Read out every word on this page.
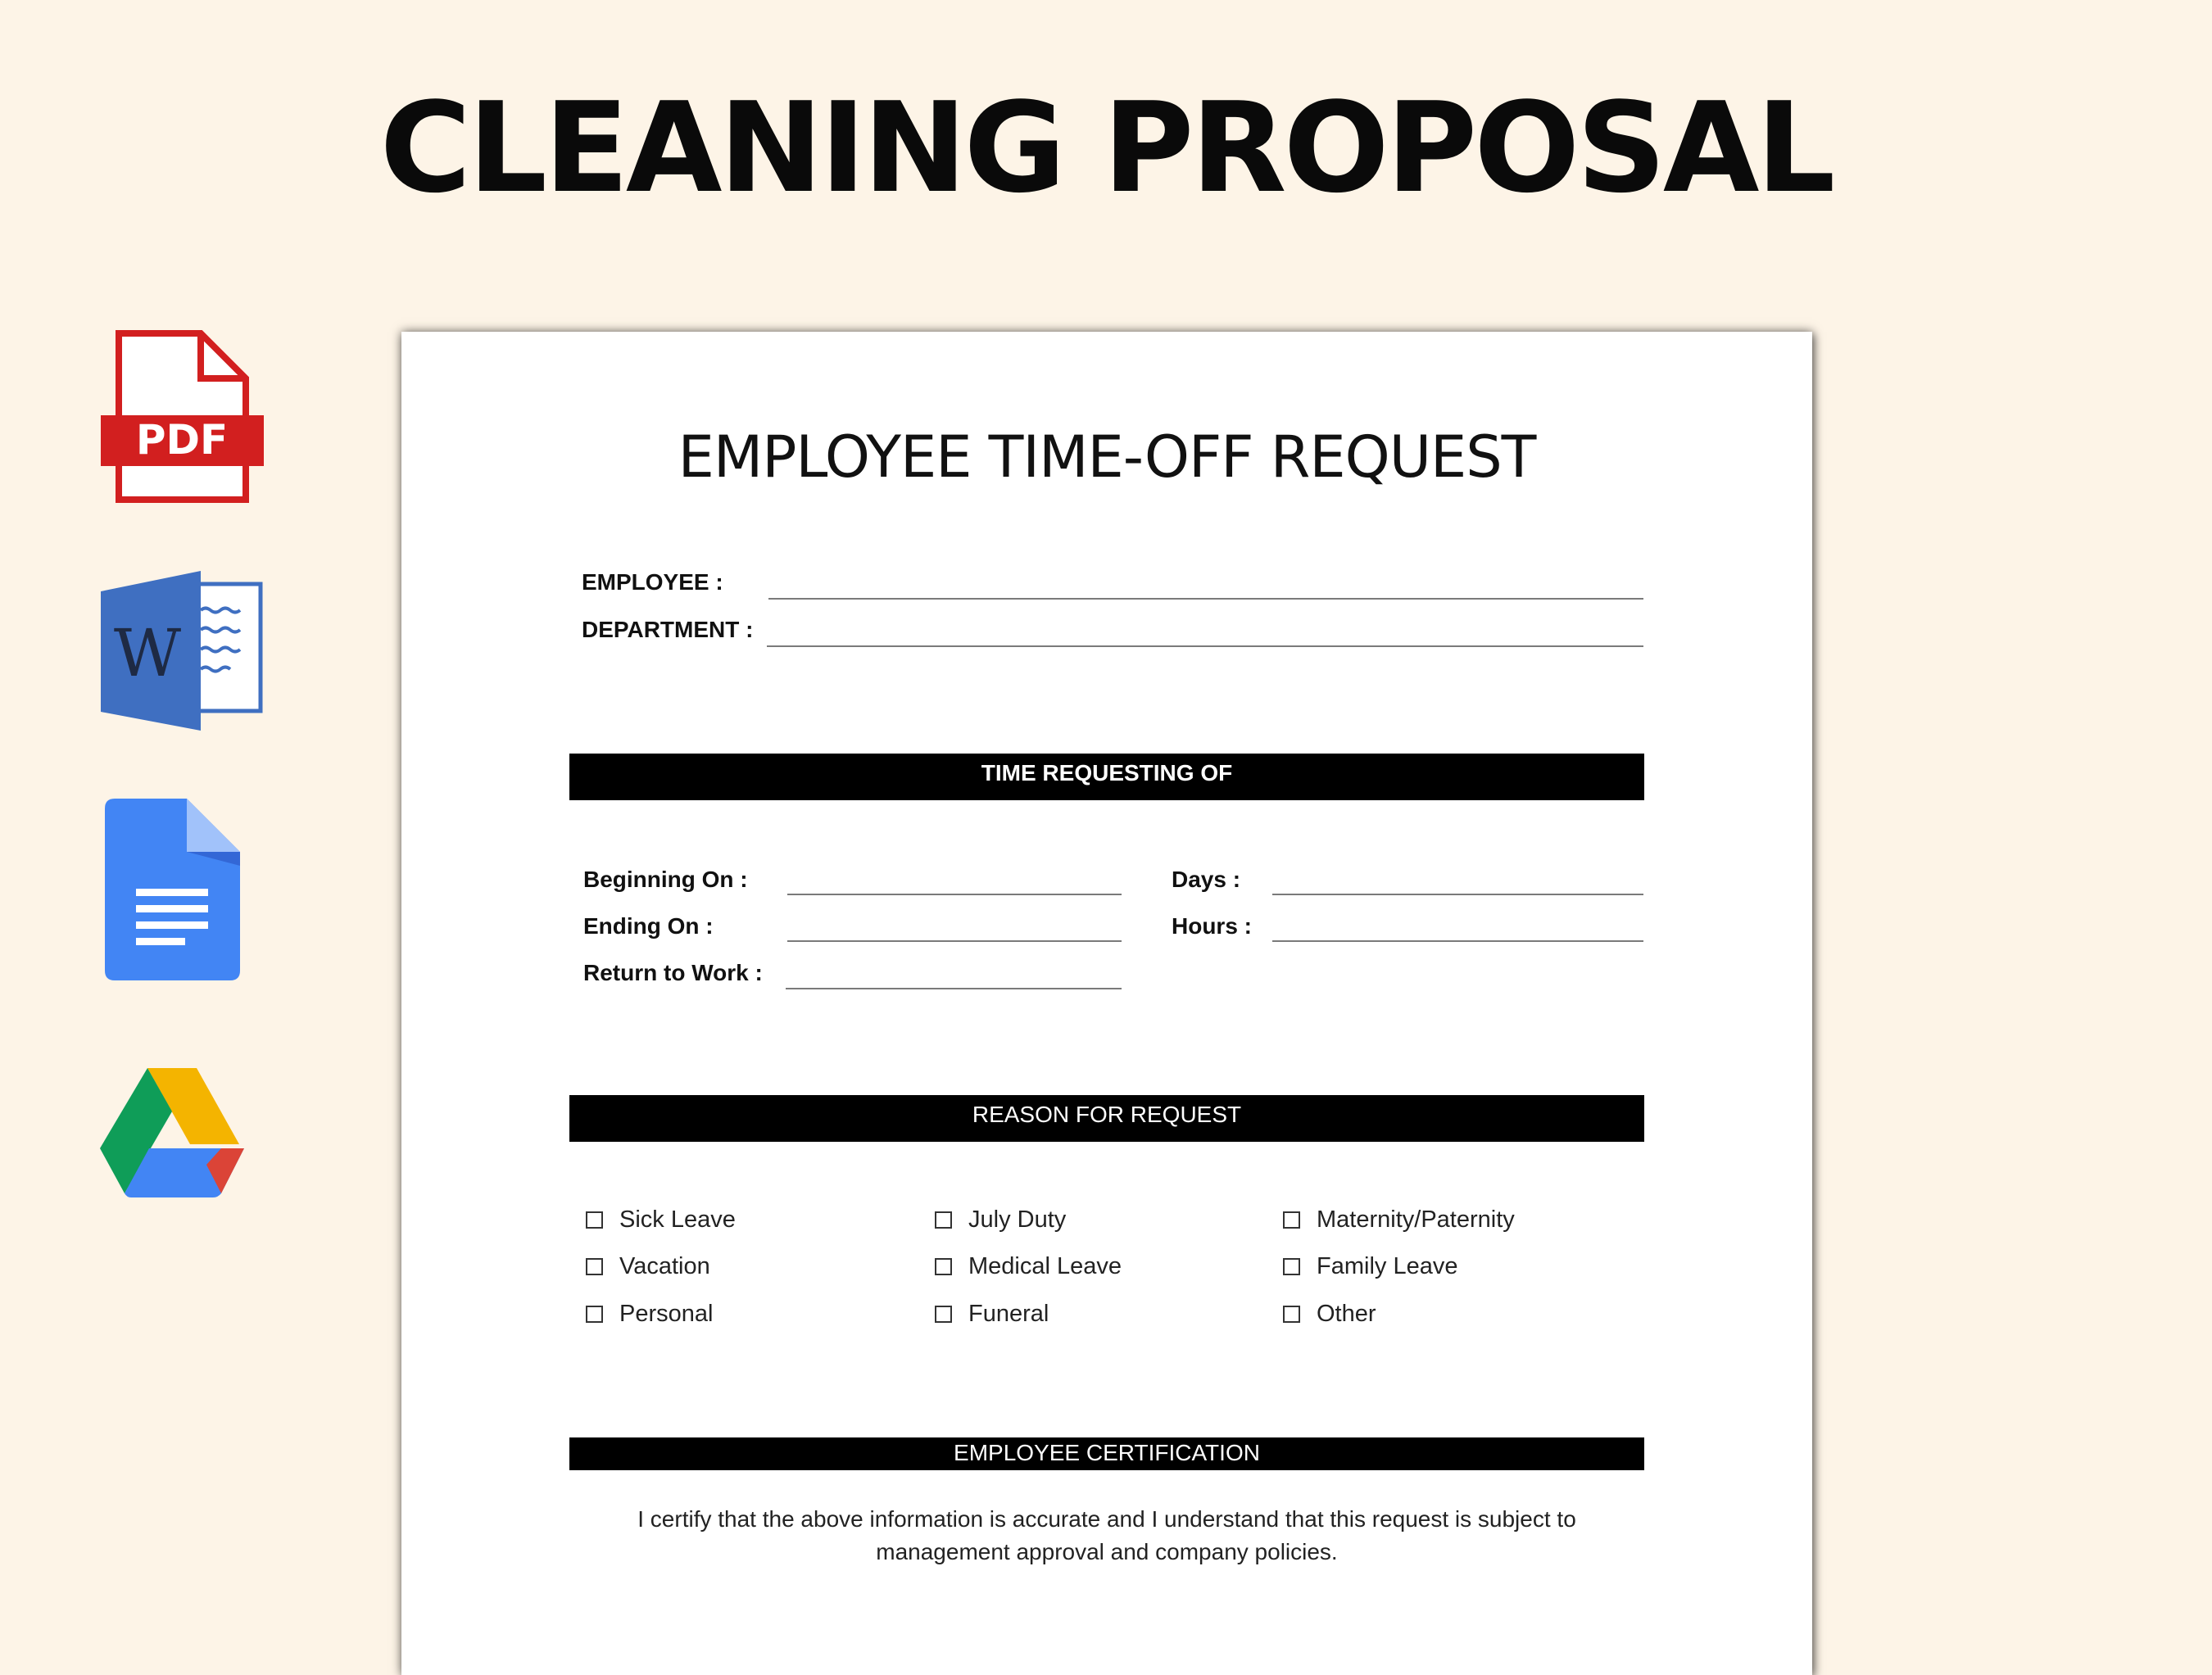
CLEANING PROPOSAL
PDF
W
EMPLOYEE TIME-OFF REQUEST
EMPLOYEE :
DEPARTMENT :
TIME REQUESTING OF
Beginning On :
Ending On :
Return to Work :
Days :
Hours :
REASON FOR REQUEST
Sick Leave
Vacation
Personal
July Duty
Medical Leave
Funeral
Maternity/Paternity
Family Leave
Other
EMPLOYEE CERTIFICATION
I certify that the above information is accurate and I understand that this request is subject to management approval and company policies.
